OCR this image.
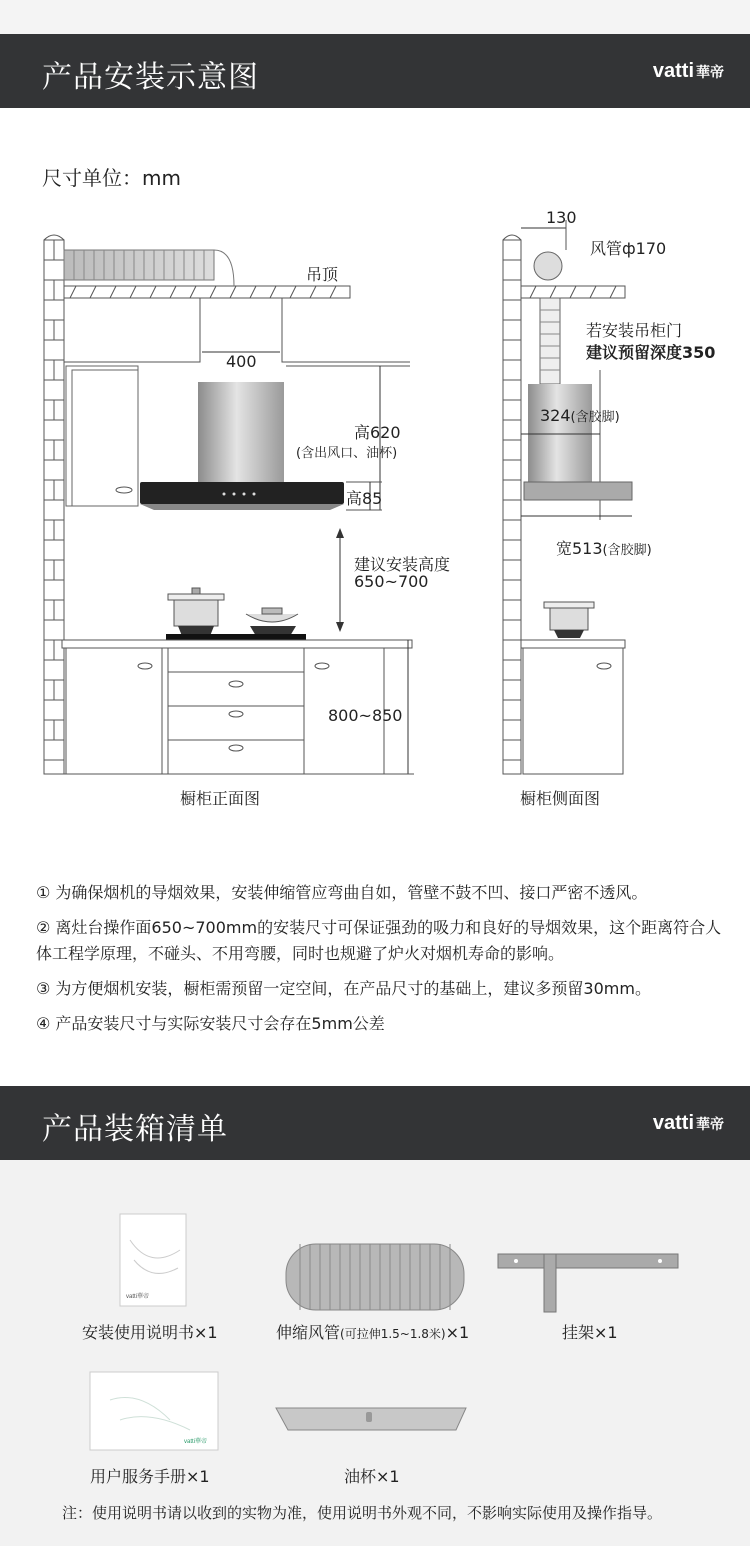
产品安装示意图	vatti 華帝
尺寸单位：mm
吊顶
400
高620
(含出风口、油杯)
高85
建议安装高度
650~700
800~850
橱柜正面图
130
风管ф170
若安装吊柜门
建议预留深度350
324(含胶脚)
宽513(含胶脚)
橱柜侧面图

① 为确保烟机的导烟效果，安装伸缩管应弯曲自如，管壁不鼓不凹、接口严密不透风。

② 离灶台操作面650~700mm的安装尺寸可保证强劲的吸力和良好的导烟效果，这个距离符合人体工程学原理，不碰头、不用弯腰，同时也规避了炉火对烟机寿命的影响。

③ 为方便烟机安装，橱柜需预留一定空间，在产品尺寸的基础上，建议多预留30mm。

④ 产品安装尺寸与实际安装尺寸会存在5mm公差

产品装箱清单	vatti 華帝
vatti華帝
vatti華帝
安装使用说明书×1	伸缩风管(可拉伸1.5~1.8米)×1	挂架×1
用户服务手册×1	油杯×1
注：使用说明书请以收到的实物为准，使用说明书外观不同，不影响实际使用及操作指导。
